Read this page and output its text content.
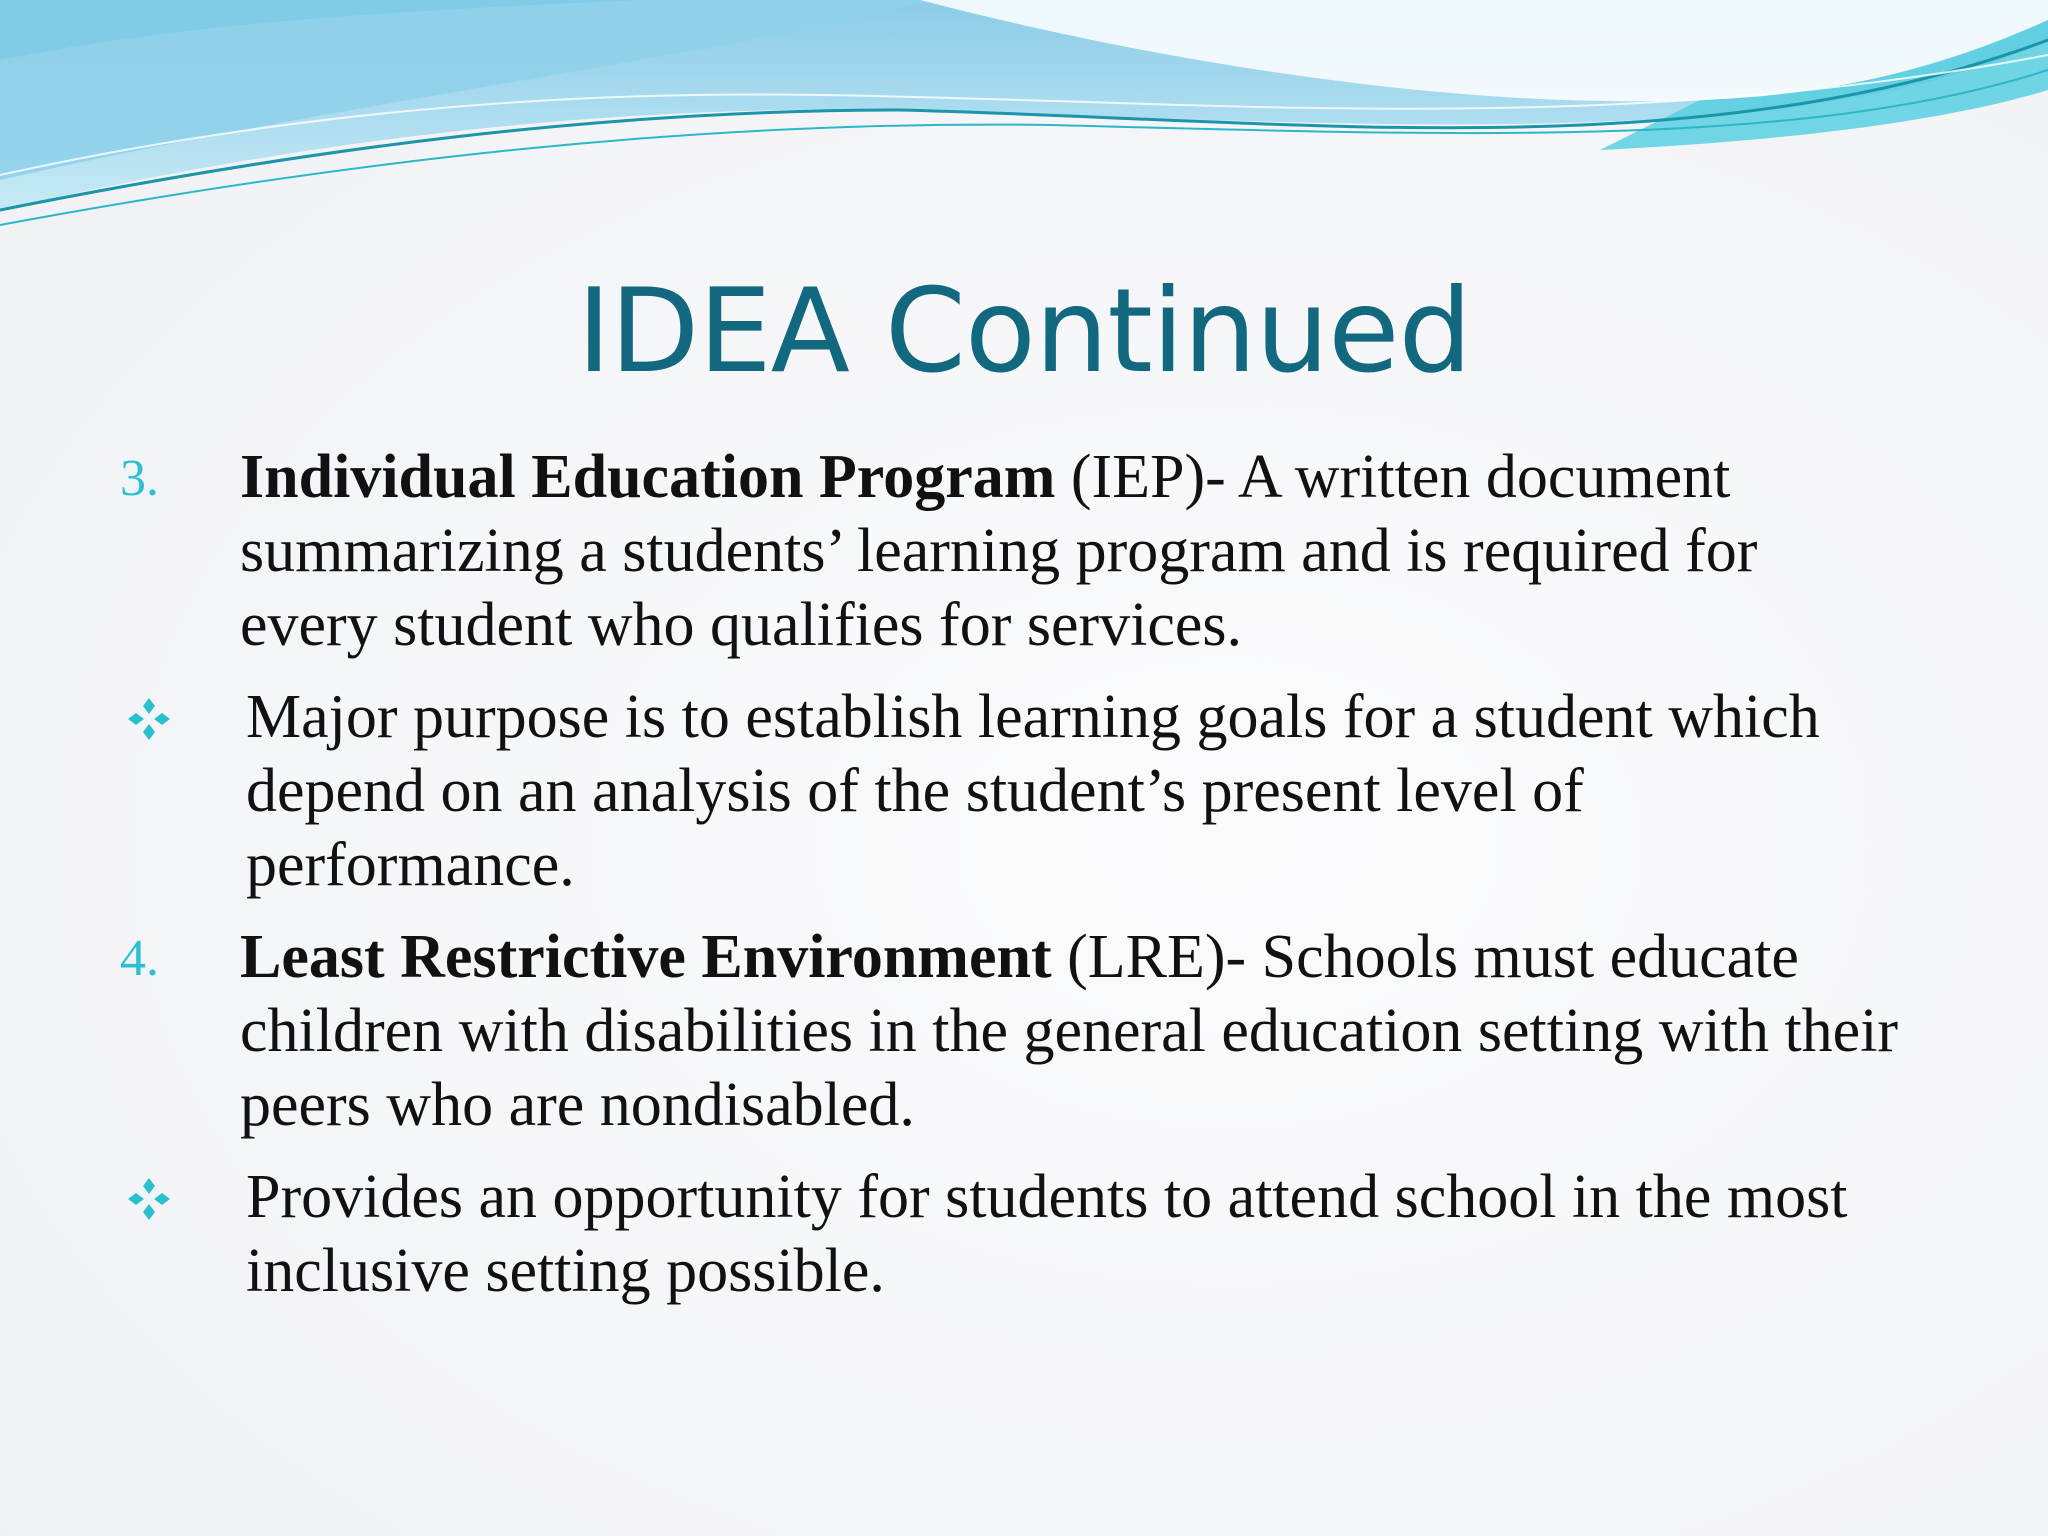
IDEA Continued
3.	Individual Education Program (IEP)- A written document summarizing a students’ learning program and is required for every student who qualifies for services.
Major purpose is to establish learning goals for a student which depend on an analysis of the student’s present level of performance.
4.	Least Restrictive Environment (LRE)- Schools must educate children with disabilities in the general education setting with their peers who are nondisabled.
Provides an opportunity for students to attend school in the most inclusive setting possible.
